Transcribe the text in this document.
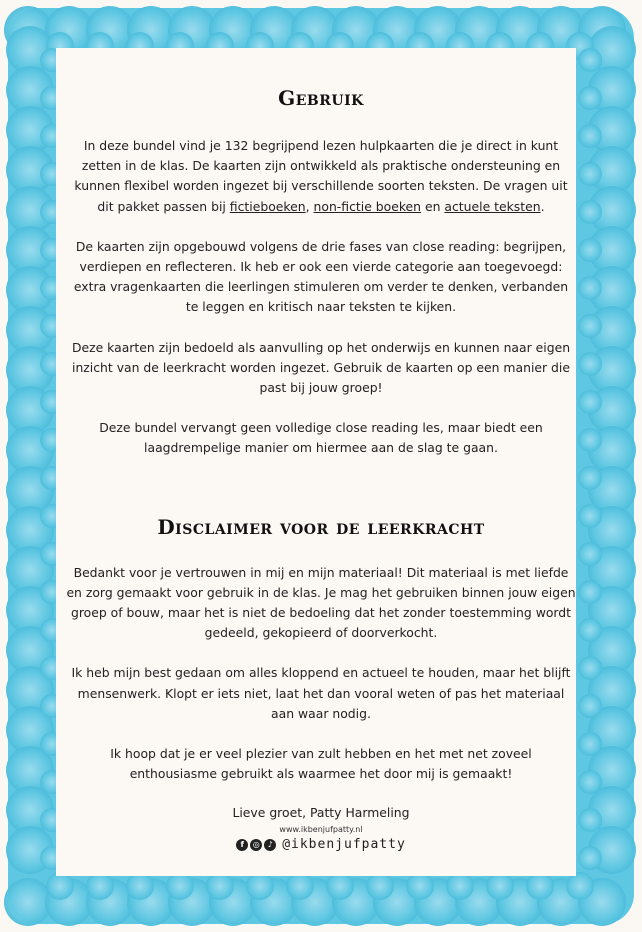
Gebruik

In deze bundel vind je 132 begrijpend lezen hulpkaarten die je direct in kunt zetten in de klas. De kaarten zijn ontwikkeld als praktische ondersteuning en kunnen flexibel worden ingezet bij verschillende soorten teksten. De vragen uit dit pakket passen bij fictieboeken, non-fictie boeken en actuele teksten.

De kaarten zijn opgebouwd volgens de drie fases van close reading: begrijpen, verdiepen en reflecteren. Ik heb er ook een vierde categorie aan toegevoegd: extra vragenkaarten die leerlingen stimuleren om verder te denken, verbanden te leggen en kritisch naar teksten te kijken.

Deze kaarten zijn bedoeld als aanvulling op het onderwijs en kunnen naar eigen inzicht van de leerkracht worden ingezet. Gebruik de kaarten op een manier die past bij jouw groep!

Deze bundel vervangt geen volledige close reading les, maar biedt een laagdrempelige manier om hiermee aan de slag te gaan.

Disclaimer voor de leerkracht

Bedankt voor je vertrouwen in mij en mijn materiaal! Dit materiaal is met liefde en zorg gemaakt voor gebruik in de klas. Je mag het gebruiken binnen jouw eigen groep of bouw, maar het is niet de bedoeling dat het zonder toestemming wordt gedeeld, gekopieerd of doorverkocht.

Ik heb mijn best gedaan om alles kloppend en actueel te houden, maar het blijft mensenwerk. Klopt er iets niet, laat het dan vooral weten of pas het materiaal aan waar nodig.

Ik hoop dat je er veel plezier van zult hebben en het met net zoveel enthousiasme gebruikt als waarmee het door mij is gemaakt!

Lieve groet, Patty Harmeling
www.ikbenjufpatty.nl
f	◎ ♪ @ikbenjufpatty
